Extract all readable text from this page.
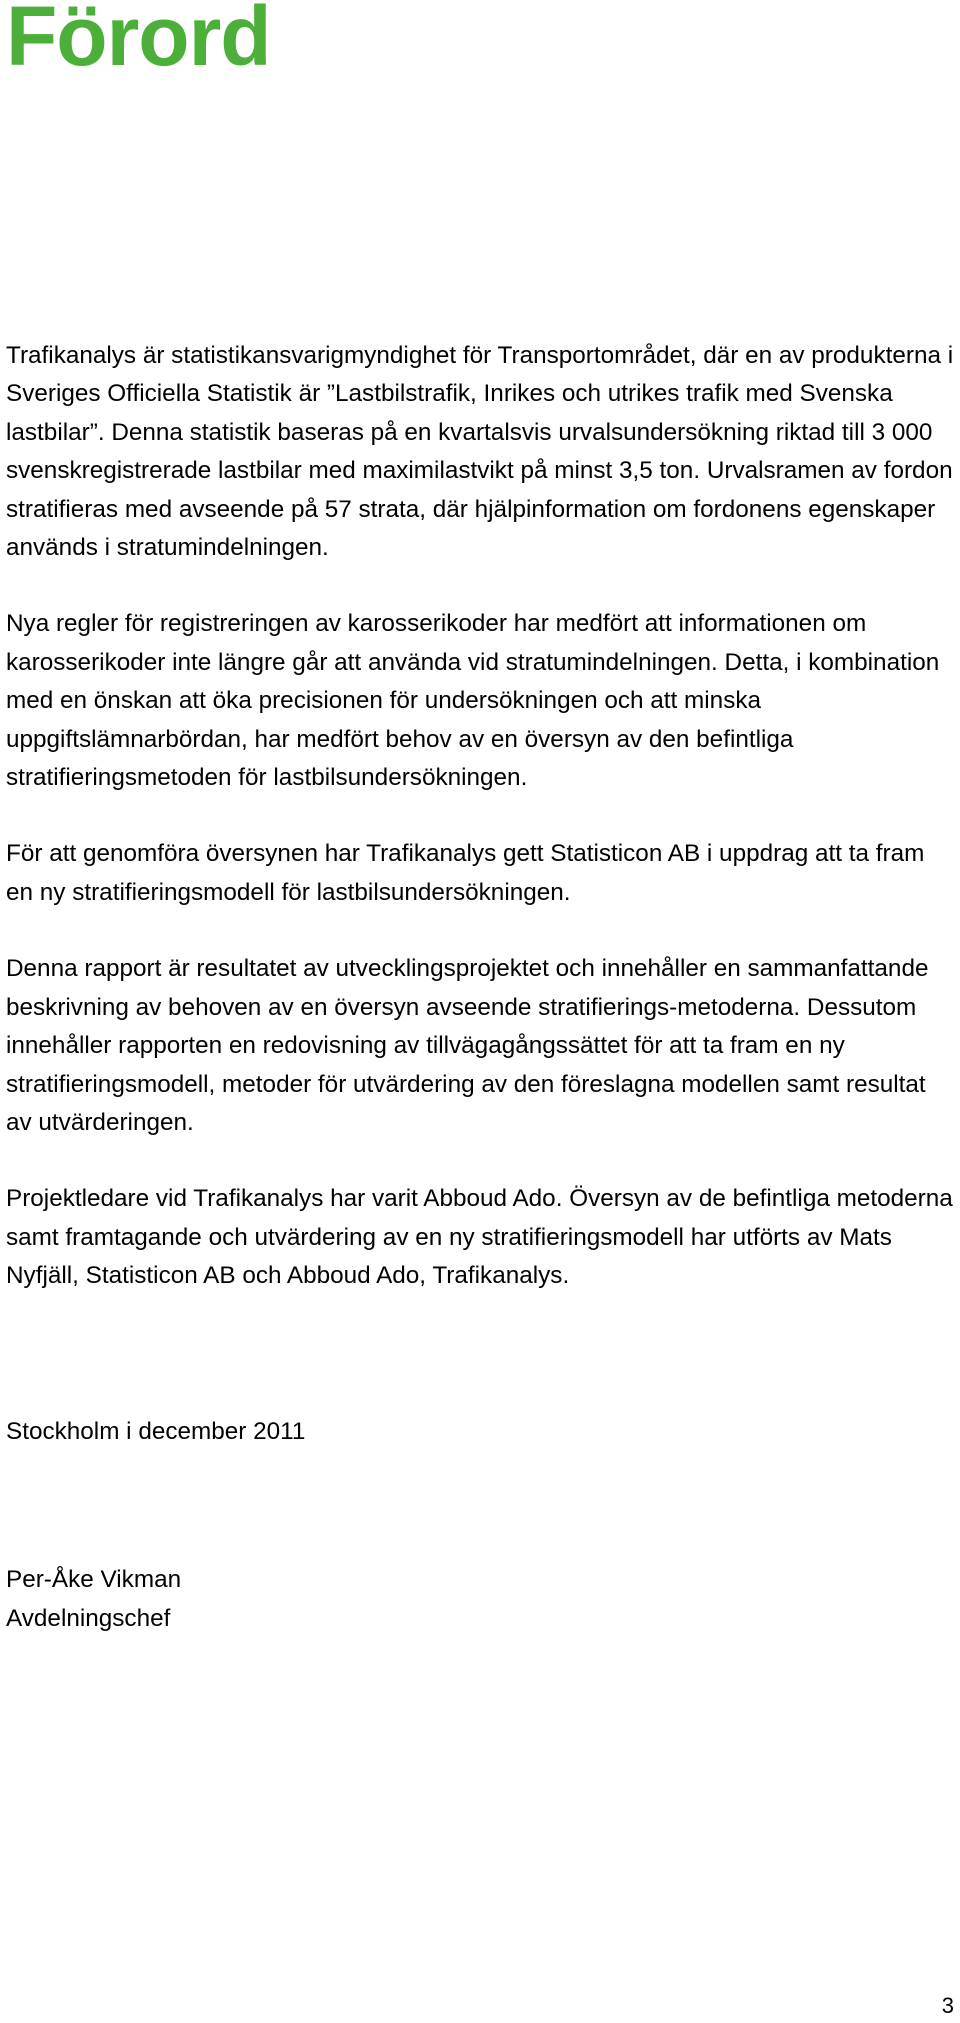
Förord

Trafikanalys är statistikansvarigmyndighet för Transportområdet, där en av produkterna i Sveriges Officiella Statistik är ”Lastbilstrafik, Inrikes och utrikes trafik med Svenska lastbilar”. Denna statistik baseras på en kvartalsvis urvalsundersökning riktad till 3 000 svenskregistrerade lastbilar med maximilastvikt på minst 3,5 ton. Urvalsramen av fordon stratifieras med avseende på 57 strata, där hjälpinformation om fordonens egenskaper används i stratumindelningen.

Nya regler för registreringen av karosserikoder har medfört att informationen om karosserikoder inte längre går att använda vid stratumindelningen. Detta, i kombination med en önskan att öka precisionen för undersökningen och att minska uppgiftslämnarbördan, har medfört behov av en översyn av den befintliga stratifieringsmetoden för lastbilsundersökningen.

För att genomföra översynen har Trafikanalys gett Statisticon AB i uppdrag att ta fram en ny stratifieringsmodell för lastbilsundersökningen.

Denna rapport är resultatet av utvecklingsprojektet och innehåller en sammanfattande beskrivning av behoven av en översyn avseende stratifierings-metoderna. Dessutom innehåller rapporten en redovisning av tillvägagångssättet för att ta fram en ny stratifieringsmodell, metoder för utvärdering av den föreslagna modellen samt resultat av utvärderingen.

Projektledare vid Trafikanalys har varit Abboud Ado. Översyn av de befintliga metoderna samt framtagande och utvärdering av en ny stratifieringsmodell har utförts av Mats Nyfjäll, Statisticon AB och Abboud Ado, Trafikanalys.

Stockholm i december 2011

Per-Åke Vikman
Avdelningschef

3
